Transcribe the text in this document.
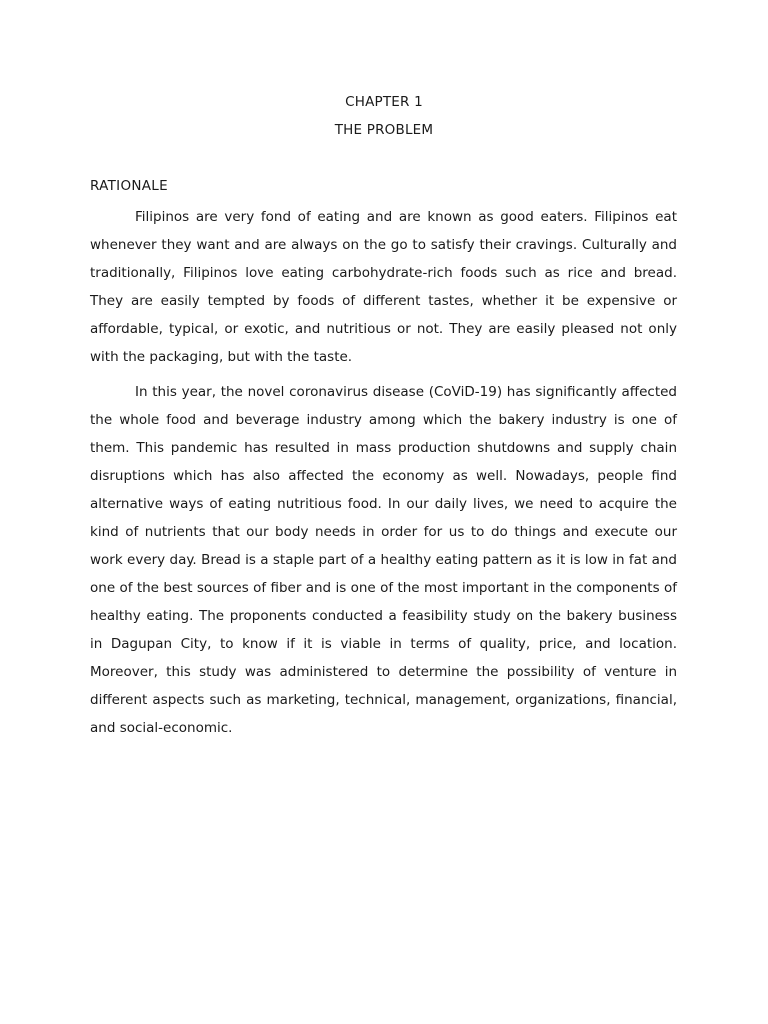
CHAPTER 1
THE PROBLEM
RATIONALE

Filipinos are very fond of eating and are known as good eaters. Filipinos eat whenever they want and are always on the go to satisfy their cravings. Culturally and traditionally, Filipinos love eating carbohydrate-rich foods such as rice and bread. They are easily tempted by foods of different tastes, whether it be expensive or affordable, typical, or exotic, and nutritious or not. They are easily pleased not only with the packaging, but with the taste.

In this year, the novel coronavirus disease (CoViD-19) has significantly affected the whole food and beverage industry among which the bakery industry is one of them. This pandemic has resulted in mass production shutdowns and supply chain disruptions which has also affected the economy as well. Nowadays, people find alternative ways of eating nutritious food. In our daily lives, we need to acquire the kind of nutrients that our body needs in order for us to do things and execute our work every day. Bread is a staple part of a healthy eating pattern as it is low in fat and one of the best sources of fiber and is one of the most important in the components of healthy eating. The proponents conducted a feasibility study on the bakery business in Dagupan City, to know if it is viable in terms of quality, price, and location. Moreover, this study was administered to determine the possibility of venture in different aspects such as marketing, technical, management, organizations, financial, and social-economic.
